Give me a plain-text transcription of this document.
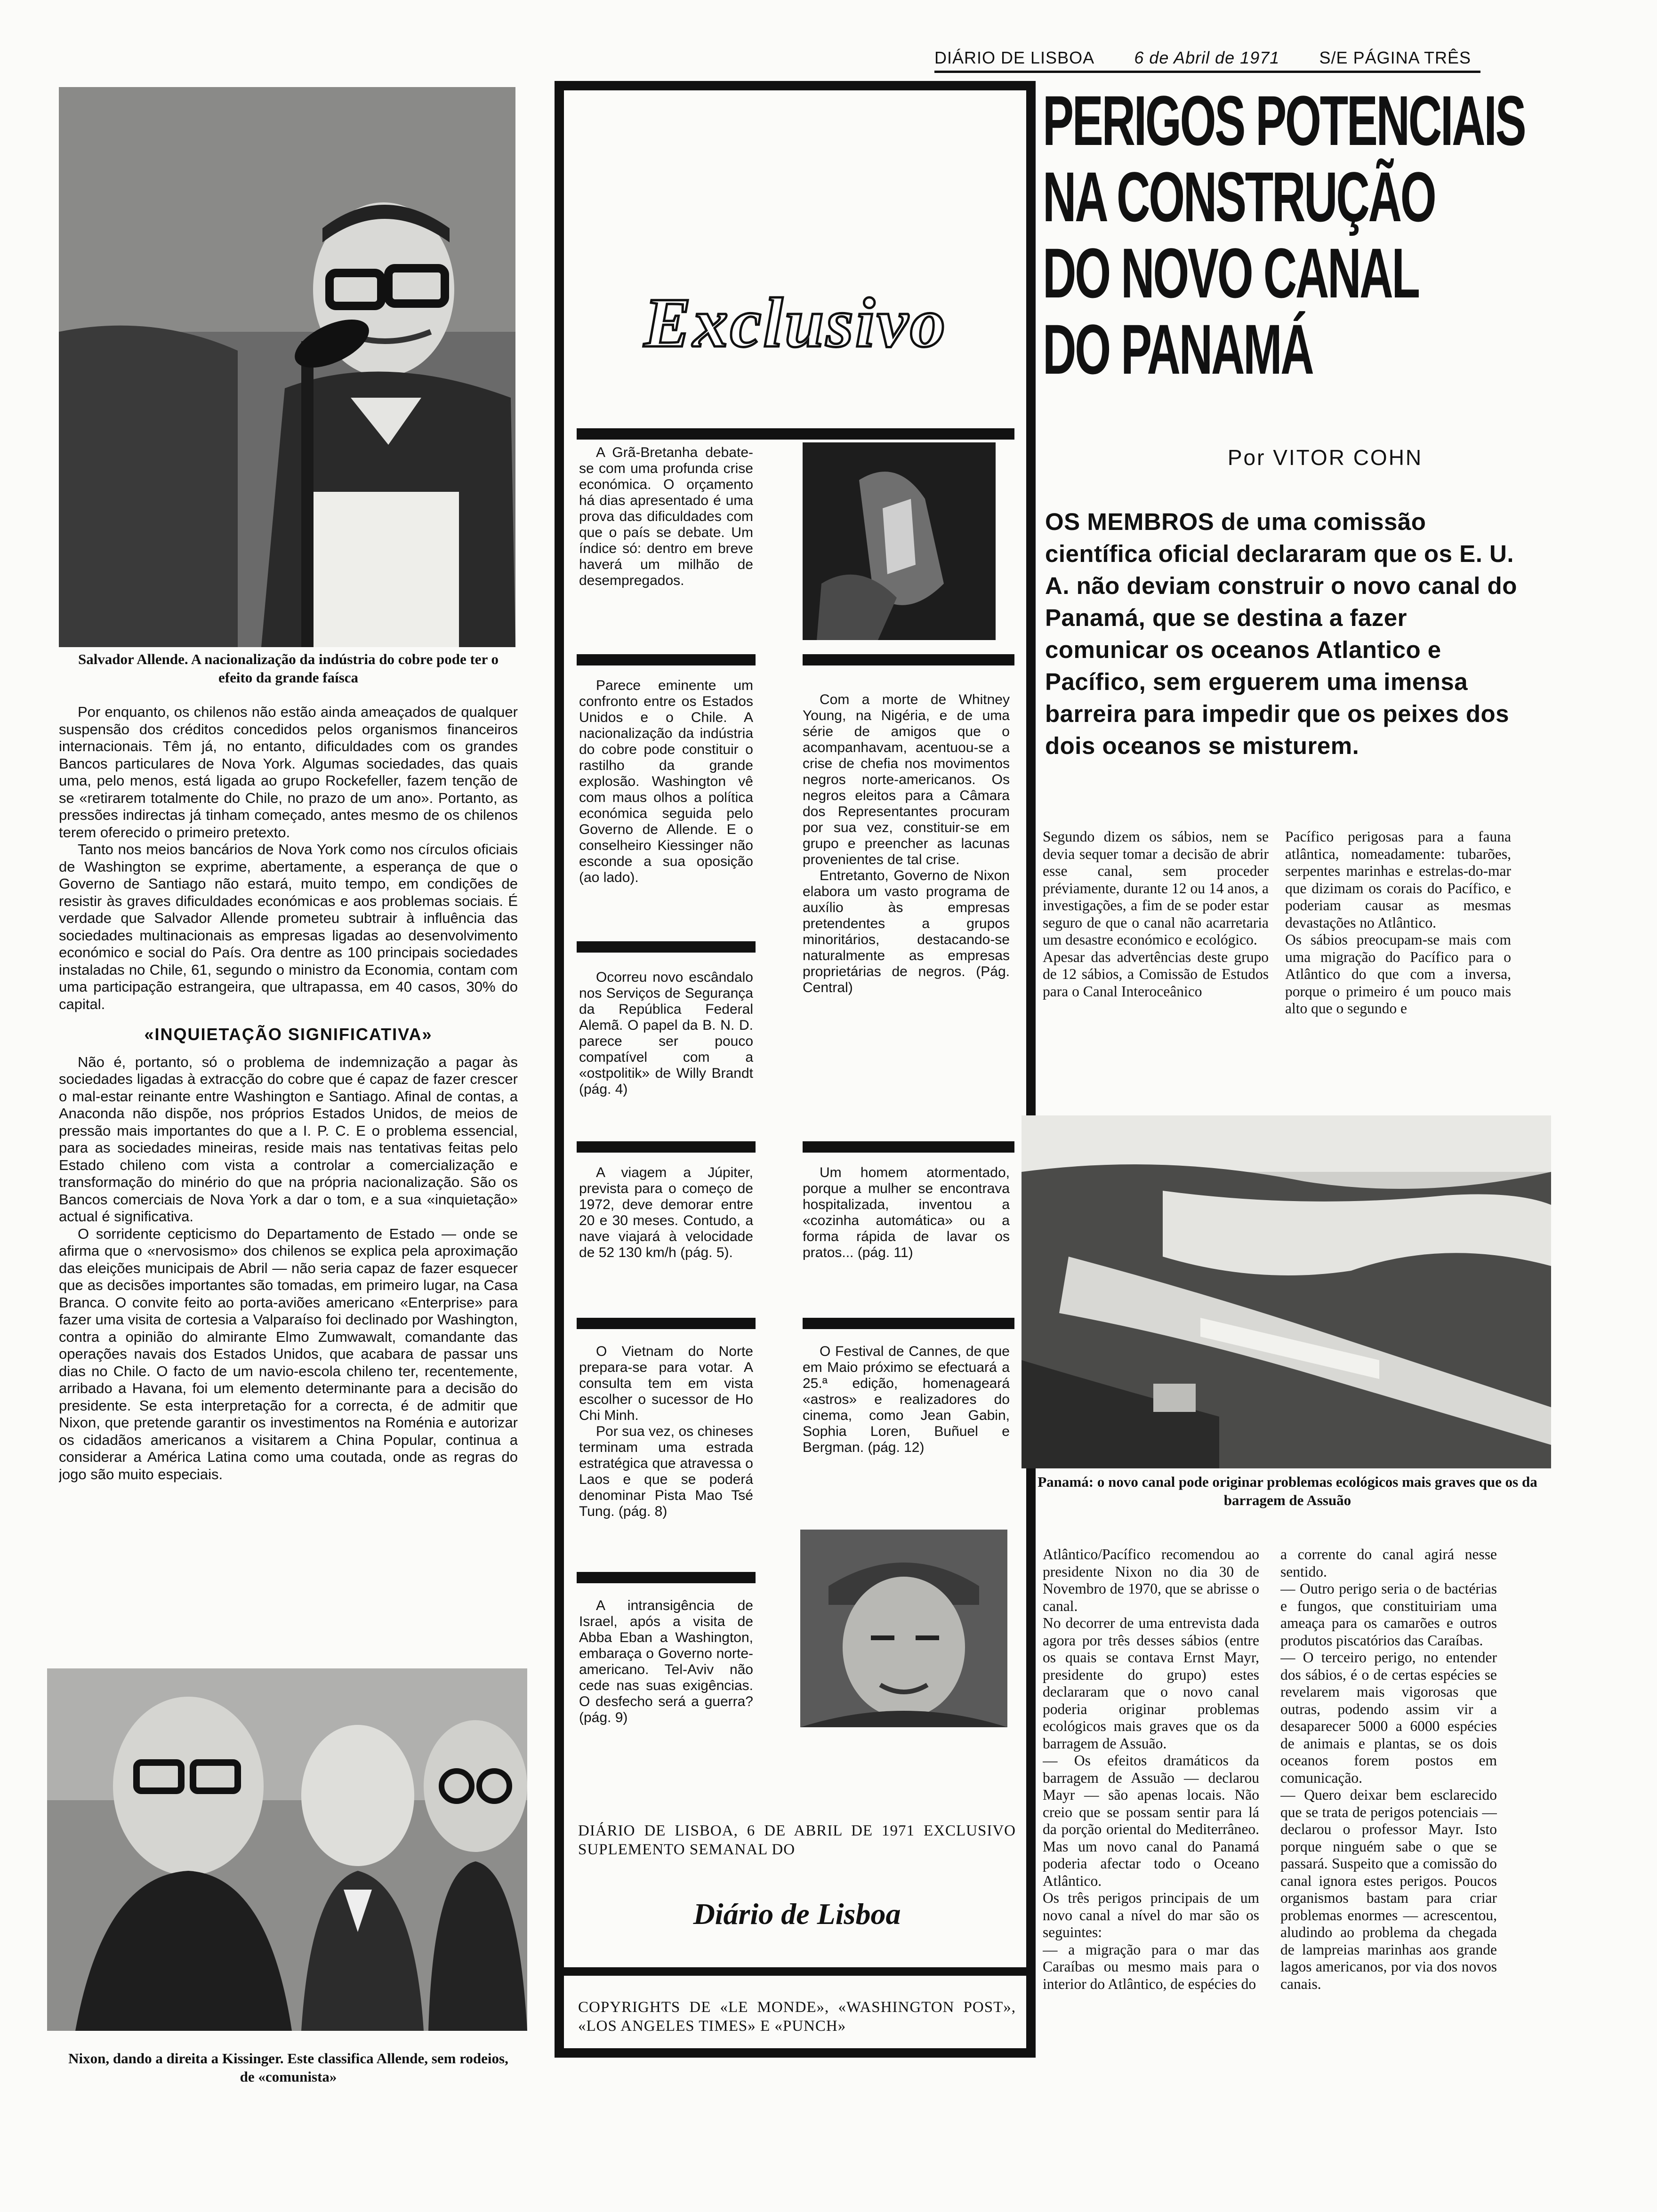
DIÁRIO DE LISBOA 6 de Abril de 1971 S/E PÁGINA TRÊS
Salvador Allende. A nacionalização da indústria do cobre pode ter o efeito da grande faísca

Por enquanto, os chilenos não estão ainda ameaçados de qualquer suspensão dos créditos concedidos pelos organismos financeiros internacionais. Têm já, no entanto, dificuldades com os grandes Bancos particulares de Nova York. Algumas sociedades, das quais uma, pelo menos, está ligada ao grupo Rockefeller, fazem tenção de se «retirarem totalmente do Chile, no prazo de um ano». Portanto, as pressões indirectas já tinham começado, antes mesmo de os chilenos terem oferecido o primeiro pretexto.

Tanto nos meios bancários de Nova York como nos círculos oficiais de Washington se exprime, abertamente, a esperança de que o Governo de Santiago não estará, muito tempo, em condições de resistir às graves dificuldades económicas e aos problemas sociais. É verdade que Salvador Allende prometeu subtrair à influência das sociedades multinacionais as empresas ligadas ao desenvolvimento económico e social do País. Ora dentre as 100 principais sociedades instaladas no Chile, 61, segundo o ministro da Economia, contam com uma participação estrangeira, que ultrapassa, em 40 casos, 30% do capital.

«INQUIETAÇÃO SIGNIFICATIVA»

Não é, portanto, só o problema de indemnização a pagar às sociedades ligadas à extracção do cobre que é capaz de fazer crescer o mal-estar reinante entre Washington e Santiago. Afinal de contas, a Anaconda não dispõe, nos próprios Estados Unidos, de meios de pressão mais importantes do que a I. P. C. E o problema essencial, para as sociedades mineiras, reside mais nas tentativas feitas pelo Estado chileno com vista a controlar a comercialização e transformação do minério do que na própria nacionalização. São os Bancos comerciais de Nova York a dar o tom, e a sua «inquietação» actual é significativa.

O sorridente cepticismo do Departamento de Estado — onde se afirma que o «nervosismo» dos chilenos se explica pela aproximação das eleições municipais de Abril — não seria capaz de fazer esquecer que as decisões importantes são tomadas, em primeiro lugar, na Casa Branca. O convite feito ao porta-aviões americano «Enterprise» para fazer uma visita de cortesia a Valparaíso foi declinado por Washington, contra a opinião do almirante Elmo Zumwawalt, comandante das operações navais dos Estados Unidos, que acabara de passar uns dias no Chile. O facto de um navio-escola chileno ter, recentemente, arribado a Havana, foi um elemento determinante para a decisão do presidente. Se esta interpretação for a correcta, é de admitir que Nixon, que pretende garantir os investimentos na Roménia e autorizar os cidadãos americanos a visitarem a China Popular, continua a considerar a América Latina como uma coutada, onde as regras do jogo são muito especiais.

Nixon, dando a direita a Kissinger. Este classifica Allende, sem rodeios, de «comunista»
Exclusivo

A Grã-Bretanha debate-se com uma profunda crise económica. O orçamento há dias apresentado é uma prova das dificuldades com que o país se debate. Um índice só: dentro em breve haverá um milhão de desempregados.

Parece eminente um confronto entre os Estados Unidos e o Chile. A nacionalização da indústria do cobre pode constituir o rastilho da grande explosão. Washington vê com maus olhos a política económica seguida pelo Governo de Allende. E o conselheiro Kiessinger não esconde a sua oposição (ao lado).

Ocorreu novo escândalo nos Serviços de Segurança da República Federal Alemã. O papel da B. N. D. parece ser pouco compatível com a «ostpolitik» de Willy Brandt (pág. 4)

A viagem a Júpiter, prevista para o começo de 1972, deve demorar entre 20 e 30 meses. Contudo, a nave viajará à velocidade de 52 130 km/h (pág. 5).

O Vietnam do Norte prepara-se para votar. A consulta tem em vista escolher o sucessor de Ho Chi Minh.

Por sua vez, os chineses terminam uma estrada estratégica que atravessa o Laos e que se poderá denominar Pista Mao Tsé Tung. (pág. 8)

A intransigência de Israel, após a visita de Abba Eban a Washington, embaraça o Governo norte-americano. Tel-Aviv não cede nas suas exigências. O desfecho será a guerra? (pág. 9)

Com a morte de Whitney Young, na Nigéria, e de uma série de amigos que o acompanhavam, acentuou-se a crise de chefia nos movimentos negros norte-americanos. Os negros eleitos para a Câmara dos Representantes procuram por sua vez, constituir-se em grupo e preencher as lacunas provenientes de tal crise.

Entretanto, Governo de Nixon elabora um vasto programa de auxílio às empresas pretendentes a grupos minoritários, destacando-se naturalmente as empresas proprietárias de negros. (Pág. Central)

Um homem atormentado, porque a mulher se encontrava hospitalizada, inventou a «cozinha automática» ou a forma rápida de lavar os pratos... (pág. 11)

O Festival de Cannes, de que em Maio próximo se efectuará a 25.ª edição, homenageará «astros» e realizadores do cinema, como Jean Gabin, Sophia Loren, Buñuel e Bergman. (pág. 12)

DIÁRIO DE LISBOA, 6 DE ABRIL DE 1971 EXCLUSIVO SUPLEMENTO SEMANAL DO
Diário de Lisboa
COPYRIGHTS DE «LE MONDE», «WASHINGTON POST», «LOS ANGELES TIMES» E «PUNCH»
PERIGOS POTENCIAIS
NA CONSTRUÇÃO
DO NOVO CANAL
DO PANAMÁ
Por VITOR COHN
OS MEMBROS de uma comissão científica oficial declararam que os E. U. A. não deviam construir o novo canal do Panamá, que se destina a fazer comunicar os oceanos Atlantico e Pacífico, sem erguerem uma imensa barreira para impedir que os peixes dos dois oceanos se misturem.
Segundo dizem os sábios, nem se devia sequer tomar a decisão de abrir esse canal, sem proceder préviamente, durante 12 ou 14 anos, a investigações, a fim de se poder estar seguro de que o canal não acarretaria um desastre económico e ecológico.
Apesar das advertências deste grupo de 12 sábios, a Comissão de Estudos para o Canal Interoceânico
Pacífico perigosas para a fauna atlântica, nomeadamente: tubarões, serpentes marinhas e estrelas-do-mar que dizimam os corais do Pacífico, e poderiam causar as mesmas devastações no Atlântico.
Os sábios preocupam-se mais com uma migração do Pacífico para o Atlântico do que com a inversa, porque o primeiro é um pouco mais alto que o segundo e
Panamá: o novo canal pode originar problemas ecológicos mais graves que os da barragem de Assuão
Atlântico/Pacífico recomendou ao presidente Nixon no dia 30 de Novembro de 1970, que se abrisse o canal.
No decorrer de uma entrevista dada agora por três desses sábios (entre os quais se contava Ernst Mayr, presidente do grupo) estes declararam que o novo canal poderia originar problemas ecológicos mais graves que os da barragem de Assuão.
— Os efeitos dramáticos da barragem de Assuão — declarou Mayr — são apenas locais. Não creio que se possam sentir para lá da porção oriental do Mediterrâneo. Mas um novo canal do Panamá poderia afectar todo o Oceano Atlântico.
Os três perigos principais de um novo canal a nível do mar são os seguintes:
— a migração para o mar das Caraíbas ou mesmo mais para o interior do Atlântico, de espécies do
a corrente do canal agirá nesse sentido.
— Outro perigo seria o de bactérias e fungos, que constituiriam uma ameaça para os camarões e outros produtos piscatórios das Caraíbas.
— O terceiro perigo, no entender dos sábios, é o de certas espécies se revelarem mais vigorosas que outras, podendo assim vir a desaparecer 5000 a 6000 espécies de animais e plantas, se os dois oceanos forem postos em comunicação.
— Quero deixar bem esclarecido que se trata de perigos potenciais — declarou o professor Mayr. Isto porque ninguém sabe o que se passará. Suspeito que a comissão do canal ignora estes perigos. Poucos organismos bastam para criar problemas enormes — acrescentou, aludindo ao problema da chegada de lampreias marinhas aos grande lagos americanos, por via dos novos canais.
